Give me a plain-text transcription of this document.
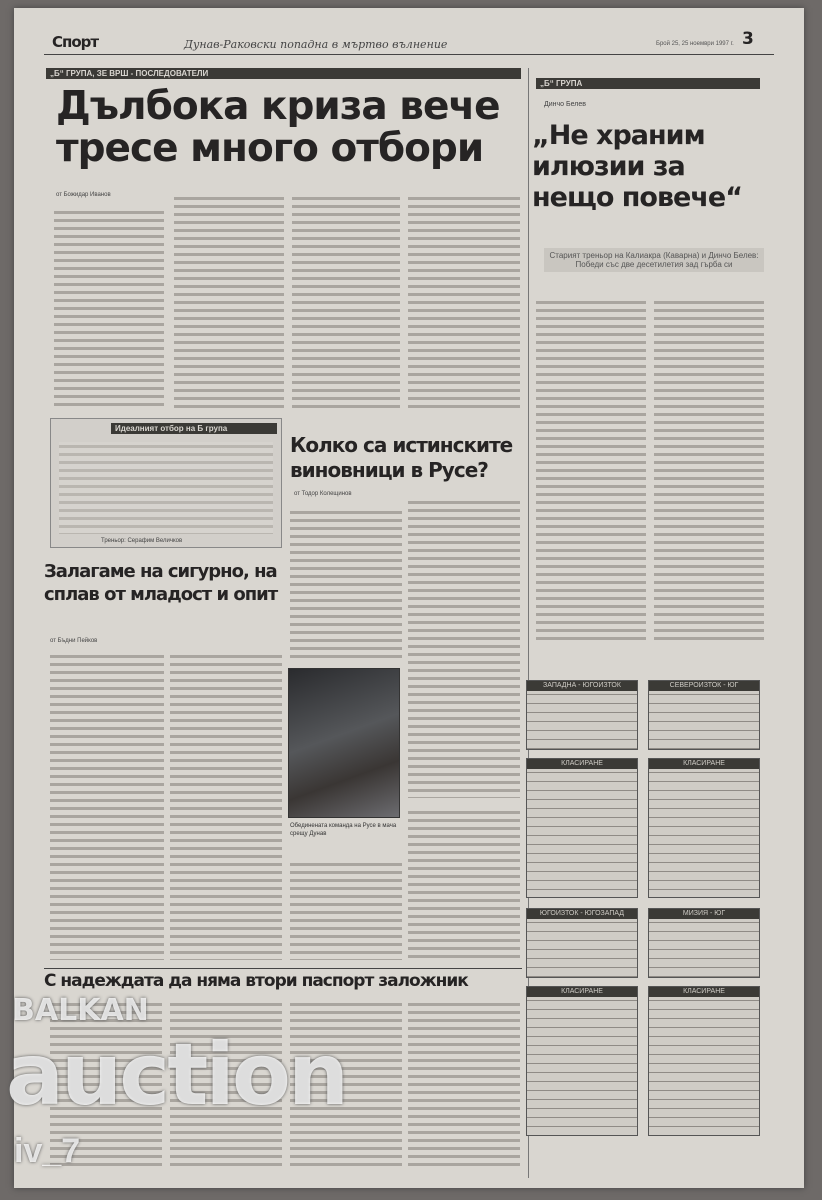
Спорт	Дунав-Раковски попадна в мъртво вълнение	Брой 25, 25 ноември 1997 г. 3
„Б“ ГРУПА, ЗЕ ВРШ - ПОСЛЕДОВАТЕЛИ
Дълбока криза вече тресе много отбори
от Божидар Иванов
Идеалният отбор на Б група
Треньор: Серафим Величков
Залагаме на сигурно, на сплав от младост и опит
от Бъдни Пейков
Колко са истинските виновници в Русе?
от Тодор Колещинов
Обединената команда на Русе в мача срещу Дунав
С надеждата да няма втори паспорт заложник
„Б“ ГРУПА
Динчо Белев
„Не храним илюзии за нещо повече“
Старият треньор на Калиакра (Каварна) и Динчо Белев: Победи със две десетилетия зад гърба си
ЗАПАДНА - ЮГОИЗТОК	СЕВЕРОИЗТОК - ЮГ
КЛАСИРАНЕ	КЛАСИРАНЕ
ЮГОИЗТОК - ЮГОЗАПАД	МИЗИЯ - ЮГ
КЛАСИРАНЕ	КЛАСИРАНЕ
BALKAN
auction
iv_7
